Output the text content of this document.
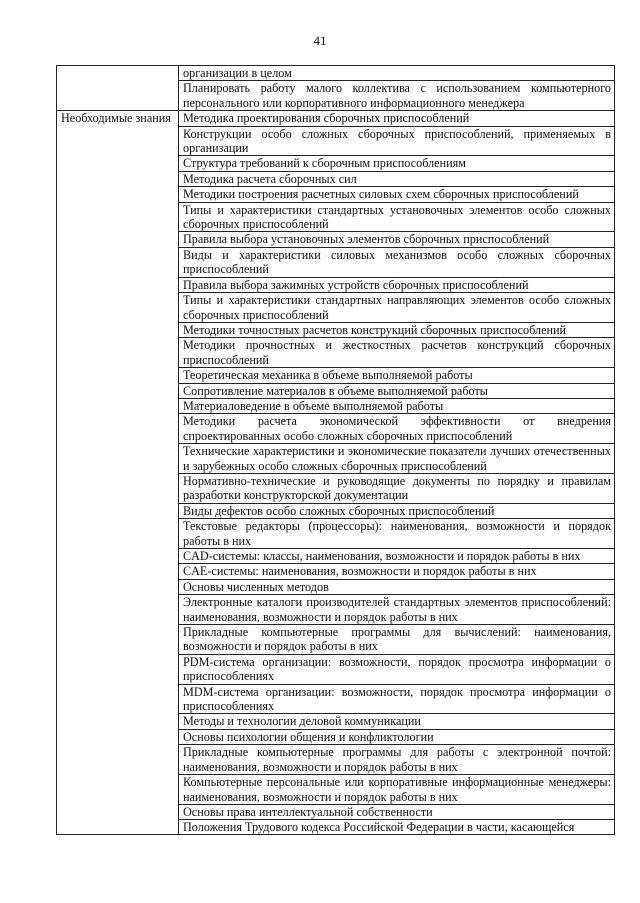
41
	организации в целом
	Планировать работу малого коллектива с использованием компьютерного персонального или корпоративного информационного менеджера
Необходимые знания	Методика проектирования сборочных приспособлений
	Конструкции особо сложных сборочных приспособлений, применяемых в организации
	Структура требований к сборочным приспособлениям
	Методика расчета сборочных сил
	Методики построения расчетных силовых схем сборочных приспособлений
	Типы и характеристики стандартных установочных элементов особо сложных сборочных приспособлений
	Правила выбора установочных элементов сборочных приспособлений
	Виды и характеристики силовых механизмов особо сложных сборочных приспособлений
	Правила выбора зажимных устройств сборочных приспособлений
	Типы и характеристики стандартных направляющих элементов особо сложных сборочных приспособлений
	Методики точностных расчетов конструкций сборочных приспособлений
	Методики прочностных и жесткостных расчетов конструкций сборочных приспособлений
	Теоретическая механика в объеме выполняемой работы
	Сопротивление материалов в объеме выполняемой работы
	Материаловедение в объеме выполняемой работы
	Методики расчета экономической эффективности от внедрения спроектированных особо сложных сборочных приспособлений
	Технические характеристики и экономические показатели лучших отечественных и зарубежных особо сложных сборочных приспособлений
	Нормативно-технические и руководящие документы по порядку и правилам разработки конструкторской документации
	Виды дефектов особо сложных сборочных приспособлений
	Текстовые редакторы (процессоры): наименования, возможности и порядок работы в них
	CAD-системы: классы, наименования, возможности и порядок работы в них
	CAE-системы: наименования, возможности и порядок работы в них
	Основы численных методов
	Электронные каталоги производителей стандартных элементов приспособлений: наименования, возможности и порядок работы в них
	Прикладные компьютерные программы для вычислений: наименования, возможности и порядок работы в них
	PDM-система организации: возможности, порядок просмотра информации о приспособлениях
	MDM-система организации: возможности, порядок просмотра информации о приспособлениях
	Методы и технологии деловой коммуникации
	Основы психологии общения и конфликтологии
	Прикладные компьютерные программы для работы с электронной почтой: наименования, возможности и порядок работы в них
	Компьютерные персональные или корпоративные информационные менеджеры: наименования, возможности и порядок работы в них
	Основы права интеллектуальной собственности

	Положения Трудового кодекса Российской Федерации в части, касающейся
